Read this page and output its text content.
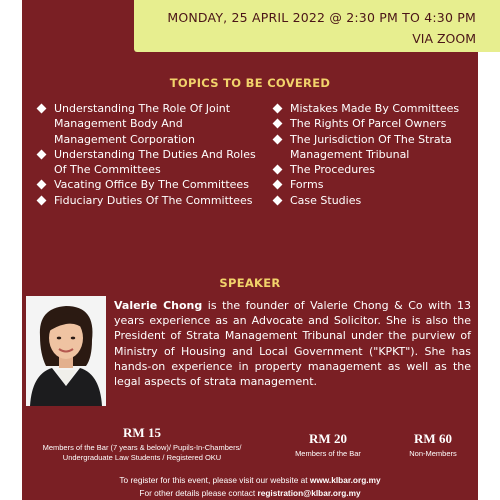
MONDAY, 25 APRIL 2022 @ 2:30 PM TO 4:30 PM
VIA ZOOM
TOPICS TO BE COVERED
Understanding The Role Of Joint Management Body And Management Corporation
Understanding The Duties And Roles Of The Committees
Vacating Office By The Committees
Fiduciary Duties Of The Committees
Mistakes Made By Committees
The Rights Of Parcel Owners
The Jurisdiction Of The Strata Management Tribunal
The Procedures
Forms
Case Studies
SPEAKER
Valerie Chong is the founder of Valerie Chong & Co with 13 years experience as an Advocate and Solicitor. She is also the President of Strata Management Tribunal under the purview of Ministry of Housing and Local Government ("KPKT"). She has hands-on experience in property management as well as the legal aspects of strata management.
RM 15
Members of the Bar (7 years & below)/ Pupils-In-Chambers/ Undergraduate Law Students / Registered OKU
RM 20
Members of the Bar
RM 60
Non-Members
To register for this event, please visit our website at www.klbar.org.my
For other details please contact registration@klbar.org.my
